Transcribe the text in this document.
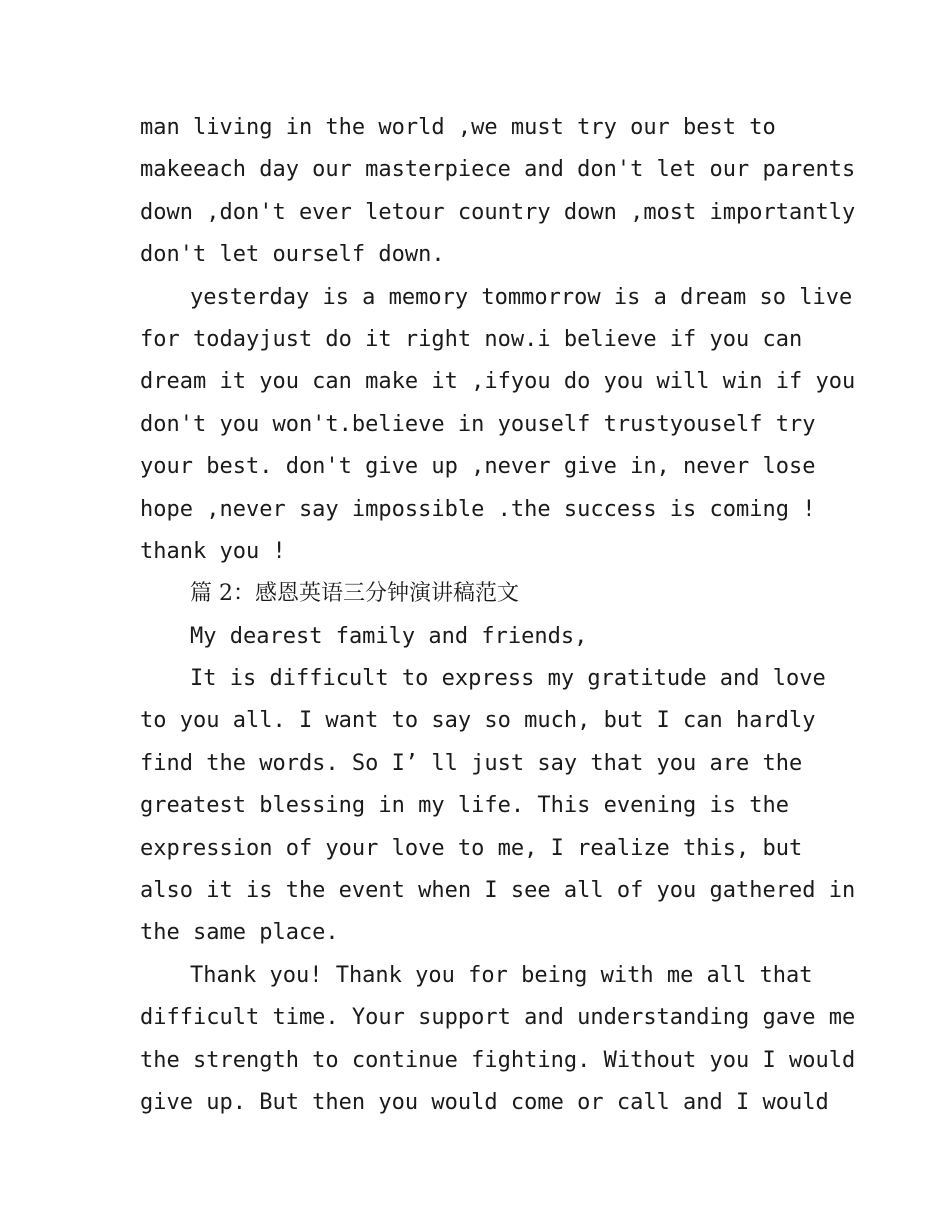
man living in the world ,we must try our best to
makeeach day our masterpiece and don't let our parents
down ,don't ever letour country down ,most importantly
don't let ourself down.
yesterday is a memory tommorrow is a dream so live
for todayjust do it right now.i believe if you can
dream it you can make it ,ifyou do you will win if you
don't you won't.believe in youself trustyouself try
your best. don't give up ,never give in, never lose
hope ,never say impossible .the success is coming !
thank you !
篇 2：感恩英语三分钟演讲稿范文
My dearest family and friends,
It is difficult to express my gratitude and love
to you all. I want to say so much, but I can hardly
find the words. So I’ ll just say that you are the
greatest blessing in my life. This evening is the
expression of your love to me, I realize this, but
also it is the event when I see all of you gathered in
the same place.
Thank you! Thank you for being with me all that
difficult time. Your support and understanding gave me
the strength to continue fighting. Without you I would
give up. But then you would come or call and I would
